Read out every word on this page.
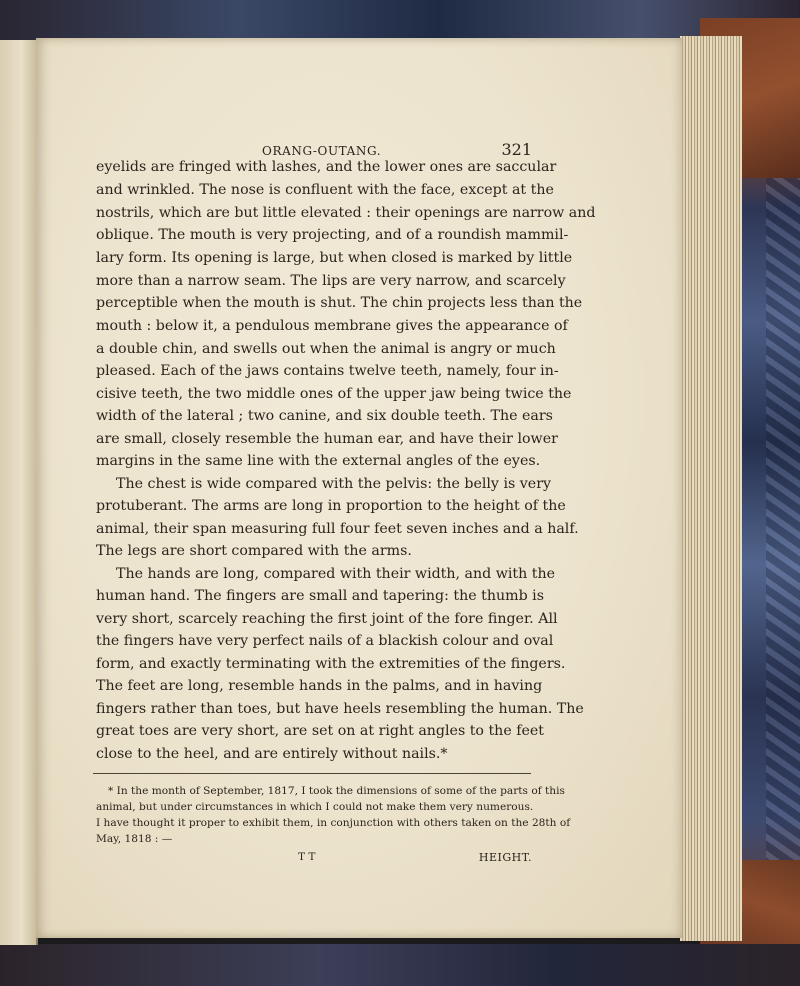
ORANG-OUTANG.	321
eyelids are fringed with lashes, and the lower ones are saccular
and wrinkled. The nose is confluent with the face, except at the
nostrils, which are but little elevated : their openings are narrow and
oblique. The mouth is very projecting, and of a roundish mammil-
lary form. Its opening is large, but when closed is marked by little
more than a narrow seam. The lips are very narrow, and scarcely
perceptible when the mouth is shut. The chin projects less than the
mouth : below it, a pendulous membrane gives the appearance of
a double chin, and swells out when the animal is angry or much
pleased. Each of the jaws contains twelve teeth, namely, four in-
cisive teeth, the two middle ones of the upper jaw being twice the
width of the lateral ; two canine, and six double teeth. The ears
are small, closely resemble the human ear, and have their lower
margins in the same line with the external angles of the eyes.
The chest is wide compared with the pelvis: the belly is very
protuberant. The arms are long in proportion to the height of the
animal, their span measuring full four feet seven inches and a half.
The legs are short compared with the arms.
The hands are long, compared with their width, and with the
human hand. The fingers are small and tapering: the thumb is
very short, scarcely reaching the first joint of the fore finger. All
the fingers have very perfect nails of a blackish colour and oval
form, and exactly terminating with the extremities of the fingers.
The feet are long, resemble hands in the palms, and in having
fingers rather than toes, but have heels resembling the human. The
great toes are very short, are set on at right angles to the feet
close to the heel, and are entirely without nails.*
* In the month of September, 1817, I took the dimensions of some of the parts of this
animal, but under circumstances in which I could not make them very numerous.
I have thought it proper to exhibit them, in conjunction with others taken on the 28th of
May, 1818 : —
T T	HEIGHT.
